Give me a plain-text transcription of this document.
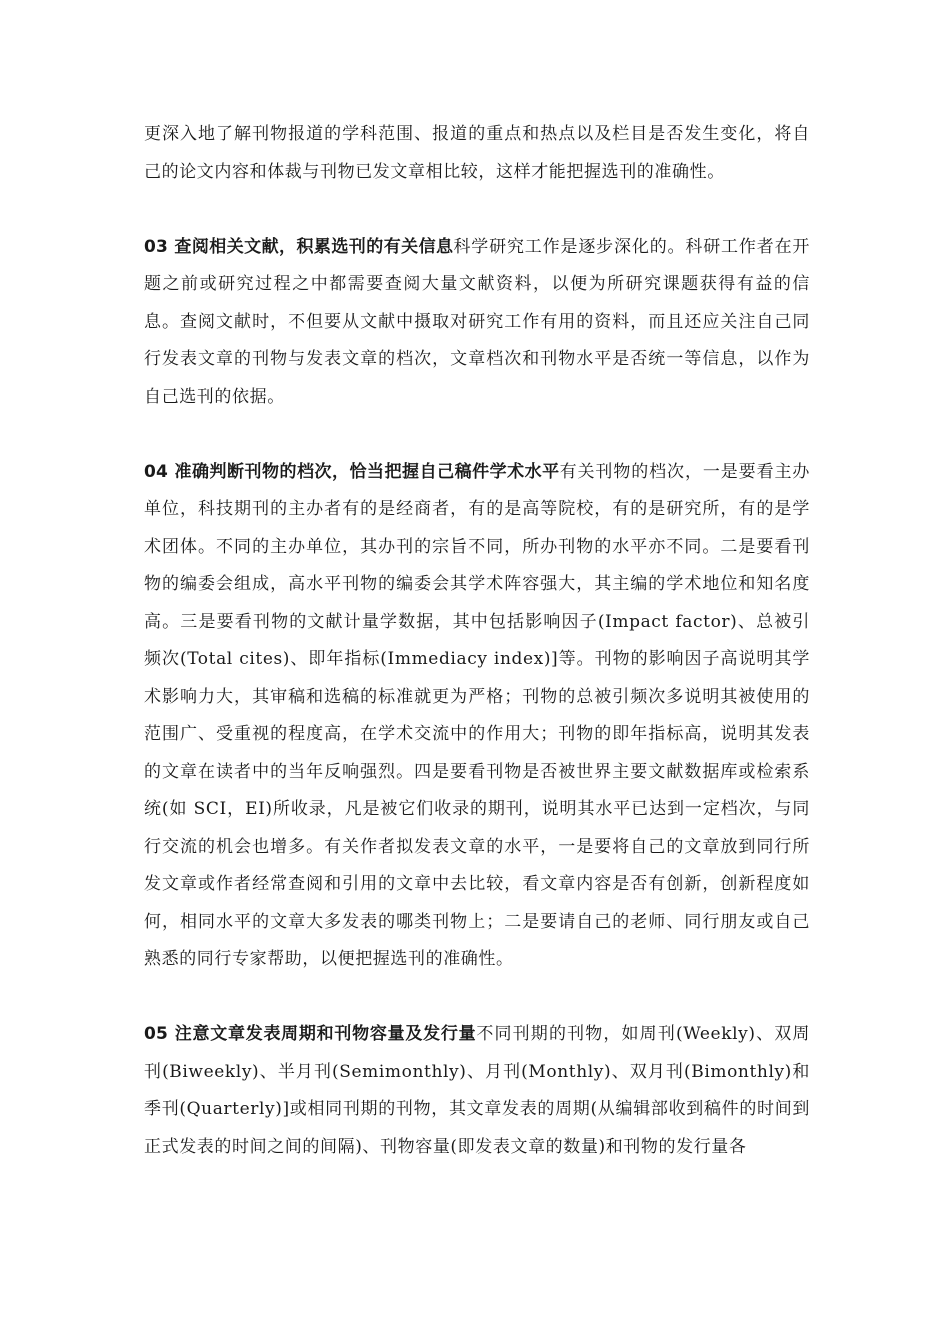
更深入地了解刊物报道的学科范围、报道的重点和热点以及栏目是否发生变化，将自己的论文内容和体裁与刊物已发文章相比较，这样才能把握选刊的准确性。

03 查阅相关文献，积累选刊的有关信息科学研究工作是逐步深化的。科研工作者在开题之前或研究过程之中都需要查阅大量文献资料，以便为所研究课题获得有益的信息。查阅文献时，不但要从文献中摄取对研究工作有用的资料，而且还应关注自己同行发表文章的刊物与发表文章的档次，文章档次和刊物水平是否统一等信息，以作为自己选刊的依据。

04 准确判断刊物的档次，恰当把握自己稿件学术水平有关刊物的档次，一是要看主办单位，科技期刊的主办者有的是经商者，有的是高等院校，有的是研究所，有的是学术团体。不同的主办单位，其办刊的宗旨不同，所办刊物的水平亦不同。二是要看刊物的编委会组成，高水平刊物的编委会其学术阵容强大，其主编的学术地位和知名度高。三是要看刊物的文献计量学数据，其中包括影响因子(Impact factor)、总被引频次(Total cites)、即年指标(Immediacy index)]等。刊物的影响因子高说明其学术影响力大，其审稿和选稿的标准就更为严格；刊物的总被引频次多说明其被使用的范围广、受重视的程度高，在学术交流中的作用大；刊物的即年指标高，说明其发表的文章在读者中的当年反响强烈。四是要看刊物是否被世界主要文献数据库或检索系统(如 SCI，EI)所收录，凡是被它们收录的期刊，说明其水平已达到一定档次，与同行交流的机会也增多。有关作者拟发表文章的水平，一是要将自己的文章放到同行所发文章或作者经常查阅和引用的文章中去比较，看文章内容是否有创新，创新程度如何，相同水平的文章大多发表的哪类刊物上；二是要请自己的老师、同行朋友或自己熟悉的同行专家帮助，以便把握选刊的准确性。

05 注意文章发表周期和刊物容量及发行量不同刊期的刊物，如周刊(Weekly)、双周刊(Biweekly)、半月刊(Semimonthly)、月刊(Monthly)、双月刊(Bimonthly)和季刊(Quarterly)]或相同刊期的刊物，其文章发表的周期(从编辑部收到稿件的时间到正式发表的时间之间的间隔)、刊物容量(即发表文章的数量)和刊物的发行量各
